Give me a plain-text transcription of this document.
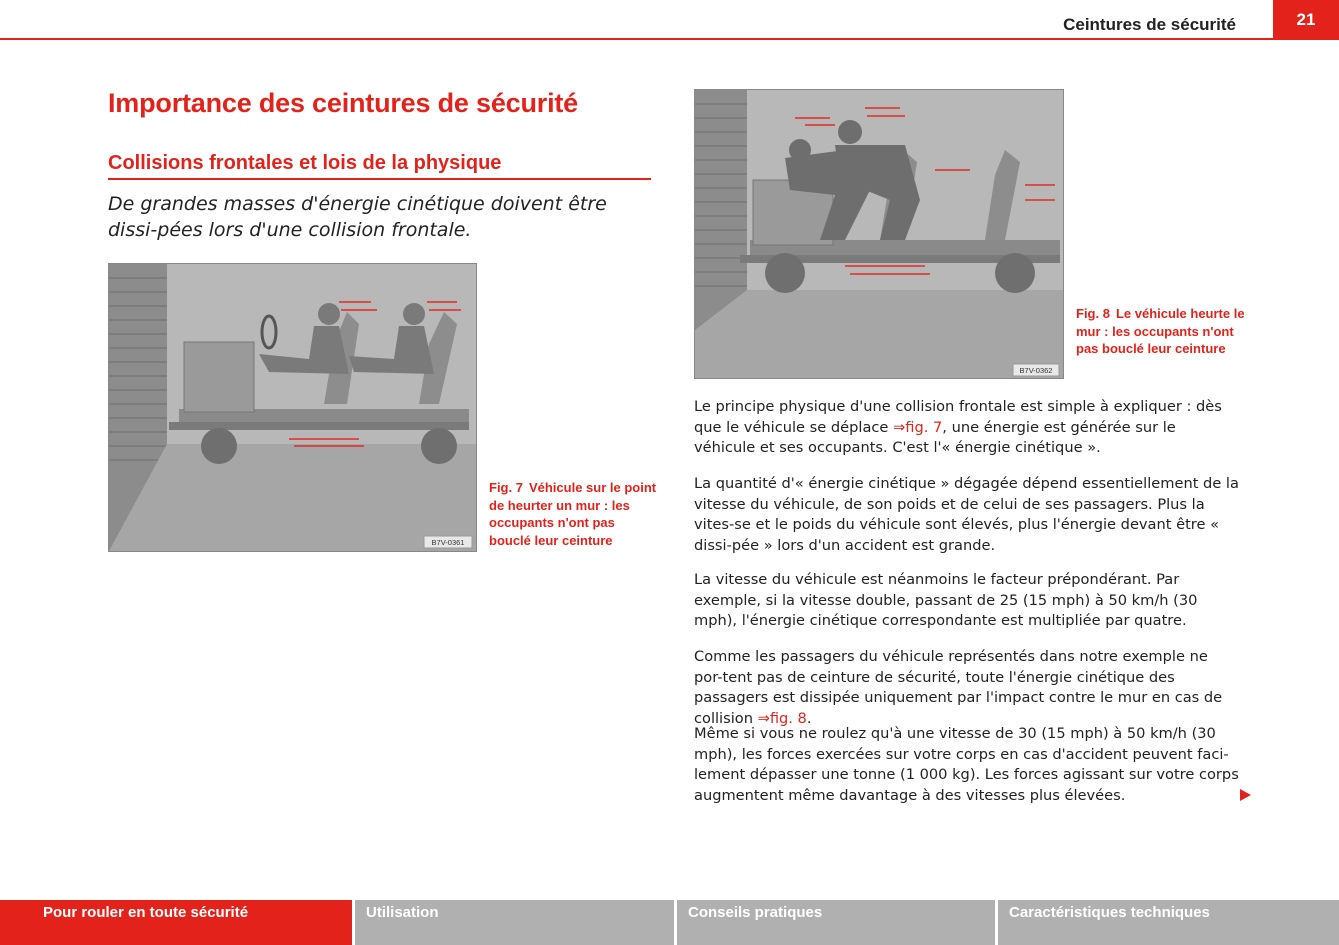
Ceintures de sécurité	21
Importance des ceintures de sécurité
Collisions frontales et lois de la physique

De grandes masses d'énergie cinétique doivent être dissi-pées lors d'une collision frontale.

B7V-0361

Fig. 7 Véhicule sur le point de heurter un mur : les occupants n'ont pas bouclé leur ceinture

B7V-0362

Fig. 8 Le véhicule heurte le mur : les occupants n'ont pas bouclé leur ceinture

Le principe physique d'une collision frontale est simple à expliquer : dès que le véhicule se déplace ⇒fig. 7, une énergie est générée sur le véhicule et ses occupants. C'est l'« énergie cinétique ».

La quantité d'« énergie cinétique » dégagée dépend essentiellement de la vitesse du véhicule, de son poids et de celui de ses passagers. Plus la vites-se et le poids du véhicule sont élevés, plus l'énergie devant être « dissi-pée » lors d'un accident est grande.

La vitesse du véhicule est néanmoins le facteur prépondérant. Par exemple, si la vitesse double, passant de 25 (15 mph) à 50 km/h (30 mph), l'énergie cinétique correspondante est multipliée par quatre.

Comme les passagers du véhicule représentés dans notre exemple ne por-tent pas de ceinture de sécurité, toute l'énergie cinétique des passagers est dissipée uniquement par l'impact contre le mur en cas de collision ⇒fig. 8.

Même si vous ne roulez qu'à une vitesse de 30 (15 mph) à 50 km/h (30 mph), les forces exercées sur votre corps en cas d'accident peuvent faci-lement dépasser une tonne (1 000 kg). Les forces agissant sur votre corps augmentent même davantage à des vitesses plus élevées.

Pour rouler en toute sécurité	Utilisation	Conseils pratiques	Caractéristiques techniques
